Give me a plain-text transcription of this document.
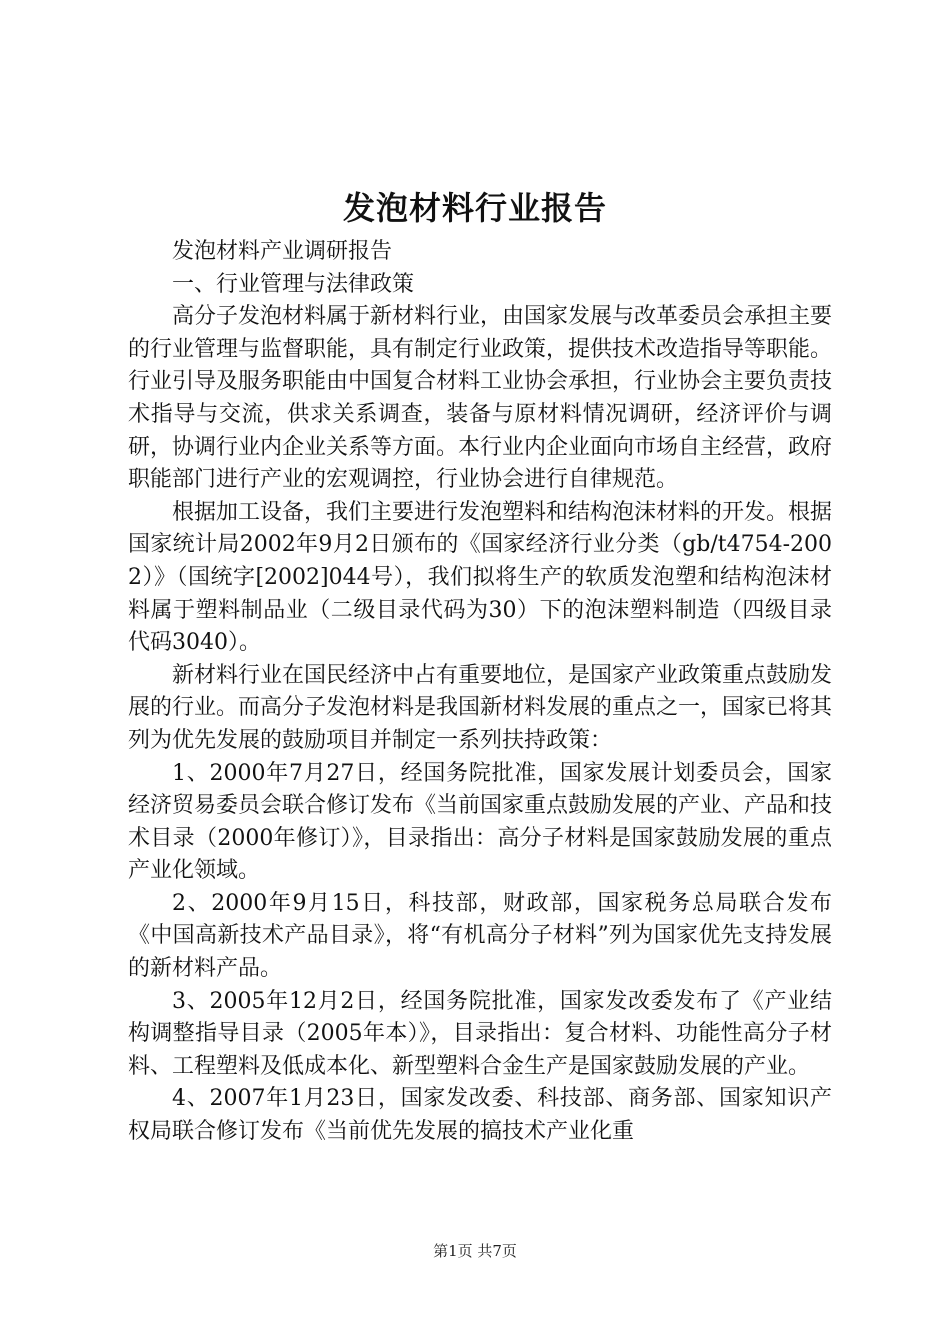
发泡材料行业报告

发泡材料产业调研报告

一、行业管理与法律政策

高分子发泡材料属于新材料行业，由国家发展与改革委员会承担主要的行业管理与监督职能，具有制定行业政策，提供技术改造指导等职能。行业引导及服务职能由中国复合材料工业协会承担，行业协会主要负责技术指导与交流，供求关系调查，装备与原材料情况调研，经济评价与调研，协调行业内企业关系等方面。本行业内企业面向市场自主经营，政府职能部门进行产业的宏观调控，行业协会进行自律规范。

根据加工设备，我们主要进行发泡塑料和结构泡沫材料的开发。根据国家统计局2002年9月2日颁布的《国家经济行业分类（gb/t4754-2002）》（国统字[2002]044号），我们拟将生产的软质发泡塑和结构泡沫材料属于塑料制品业（二级目录代码为30）下的泡沫塑料制造（四级目录代码3040）。

新材料行业在国民经济中占有重要地位，是国家产业政策重点鼓励发展的行业。而高分子发泡材料是我国新材料发展的重点之一，国家已将其列为优先发展的鼓励项目并制定一系列扶持政策：

1、2000年7月27日，经国务院批准，国家发展计划委员会，国家经济贸易委员会联合修订发布《当前国家重点鼓励发展的产业、产品和技术目录（2000年修订）》，目录指出：高分子材料是国家鼓励发展的重点产业化领域。

2、2000年9月15日，科技部，财政部，国家税务总局联合发布《中国高新技术产品目录》，将“有机高分子材料”列为国家优先支持发展的新材料产品。

3、2005年12月2日，经国务院批准，国家发改委发布了《产业结构调整指导目录（2005年本）》，目录指出：复合材料、功能性高分子材料、工程塑料及低成本化、新型塑料合金生产是国家鼓励发展的产业。

4、2007年1月23日，国家发改委、科技部、商务部、国家知识产权局联合修订发布《当前优先发展的搞技术产业化重

第1页 共7页
